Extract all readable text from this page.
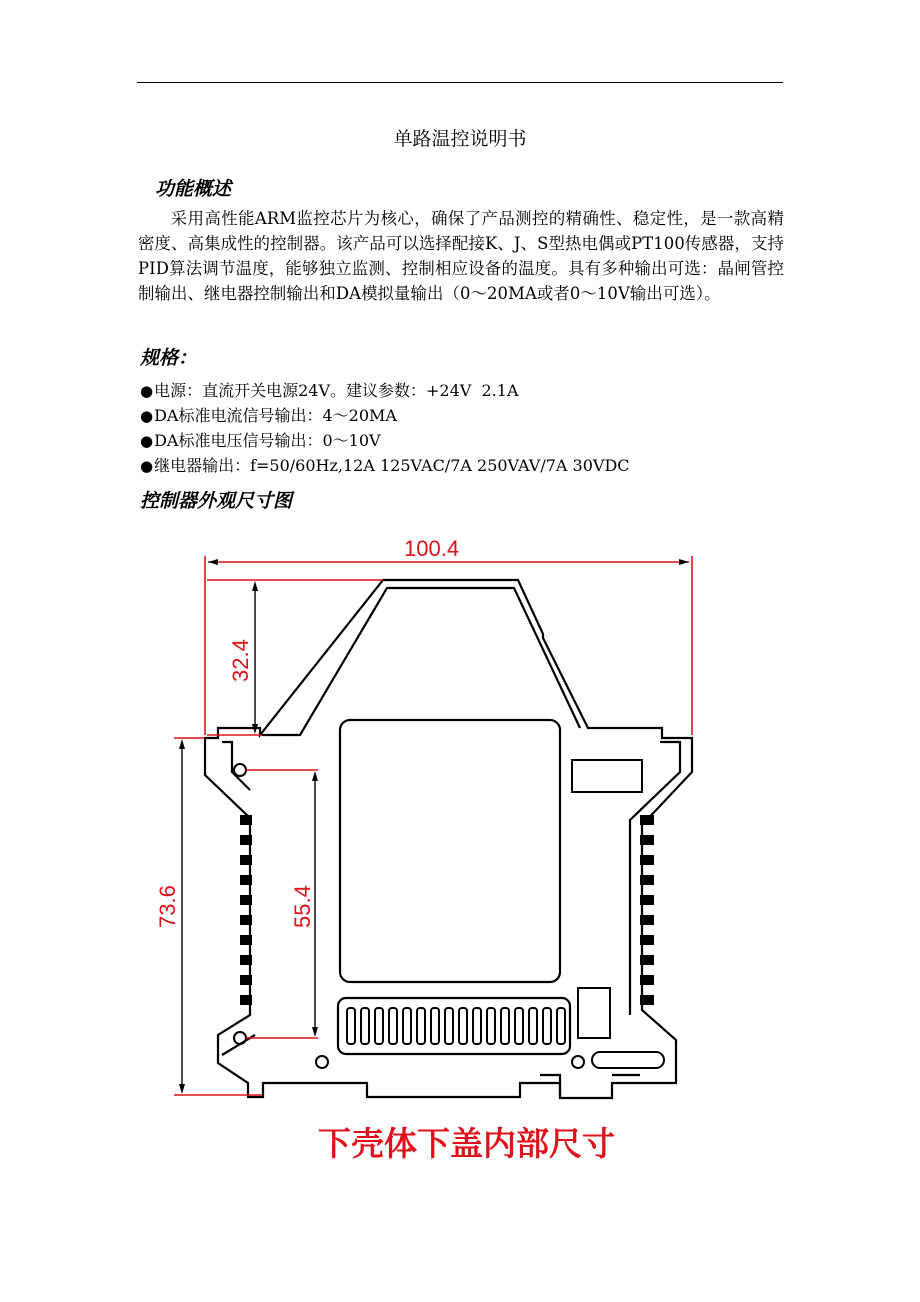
单路温控说明书
功能概述

采用高性能ARM监控芯片为核心，确保了产品测控的精确性、稳定性，是一款高精密度、高集成性的控制器。该产品可以选择配接K、J、S型热电偶或PT100传感器，支持PID算法调节温度，能够独立监测、控制相应设备的温度。具有多种输出可选：晶闸管控制输出、继电器控制输出和DA模拟量输出（0～20MA或者0～10V输出可选）。

规格：
●电源：直流开关电源24V。建议参数：+24V  2.1A
●DA标准电流信号输出：4～20MA
●DA标准电压信号输出：0～10V
●继电器输出：f=50/60Hz,12A 125VAC/7A 250VAV/7A 30VDC
控制器外观尺寸图
100.4
32.4
73.6	55.4
下壳体下盖内部尺寸
